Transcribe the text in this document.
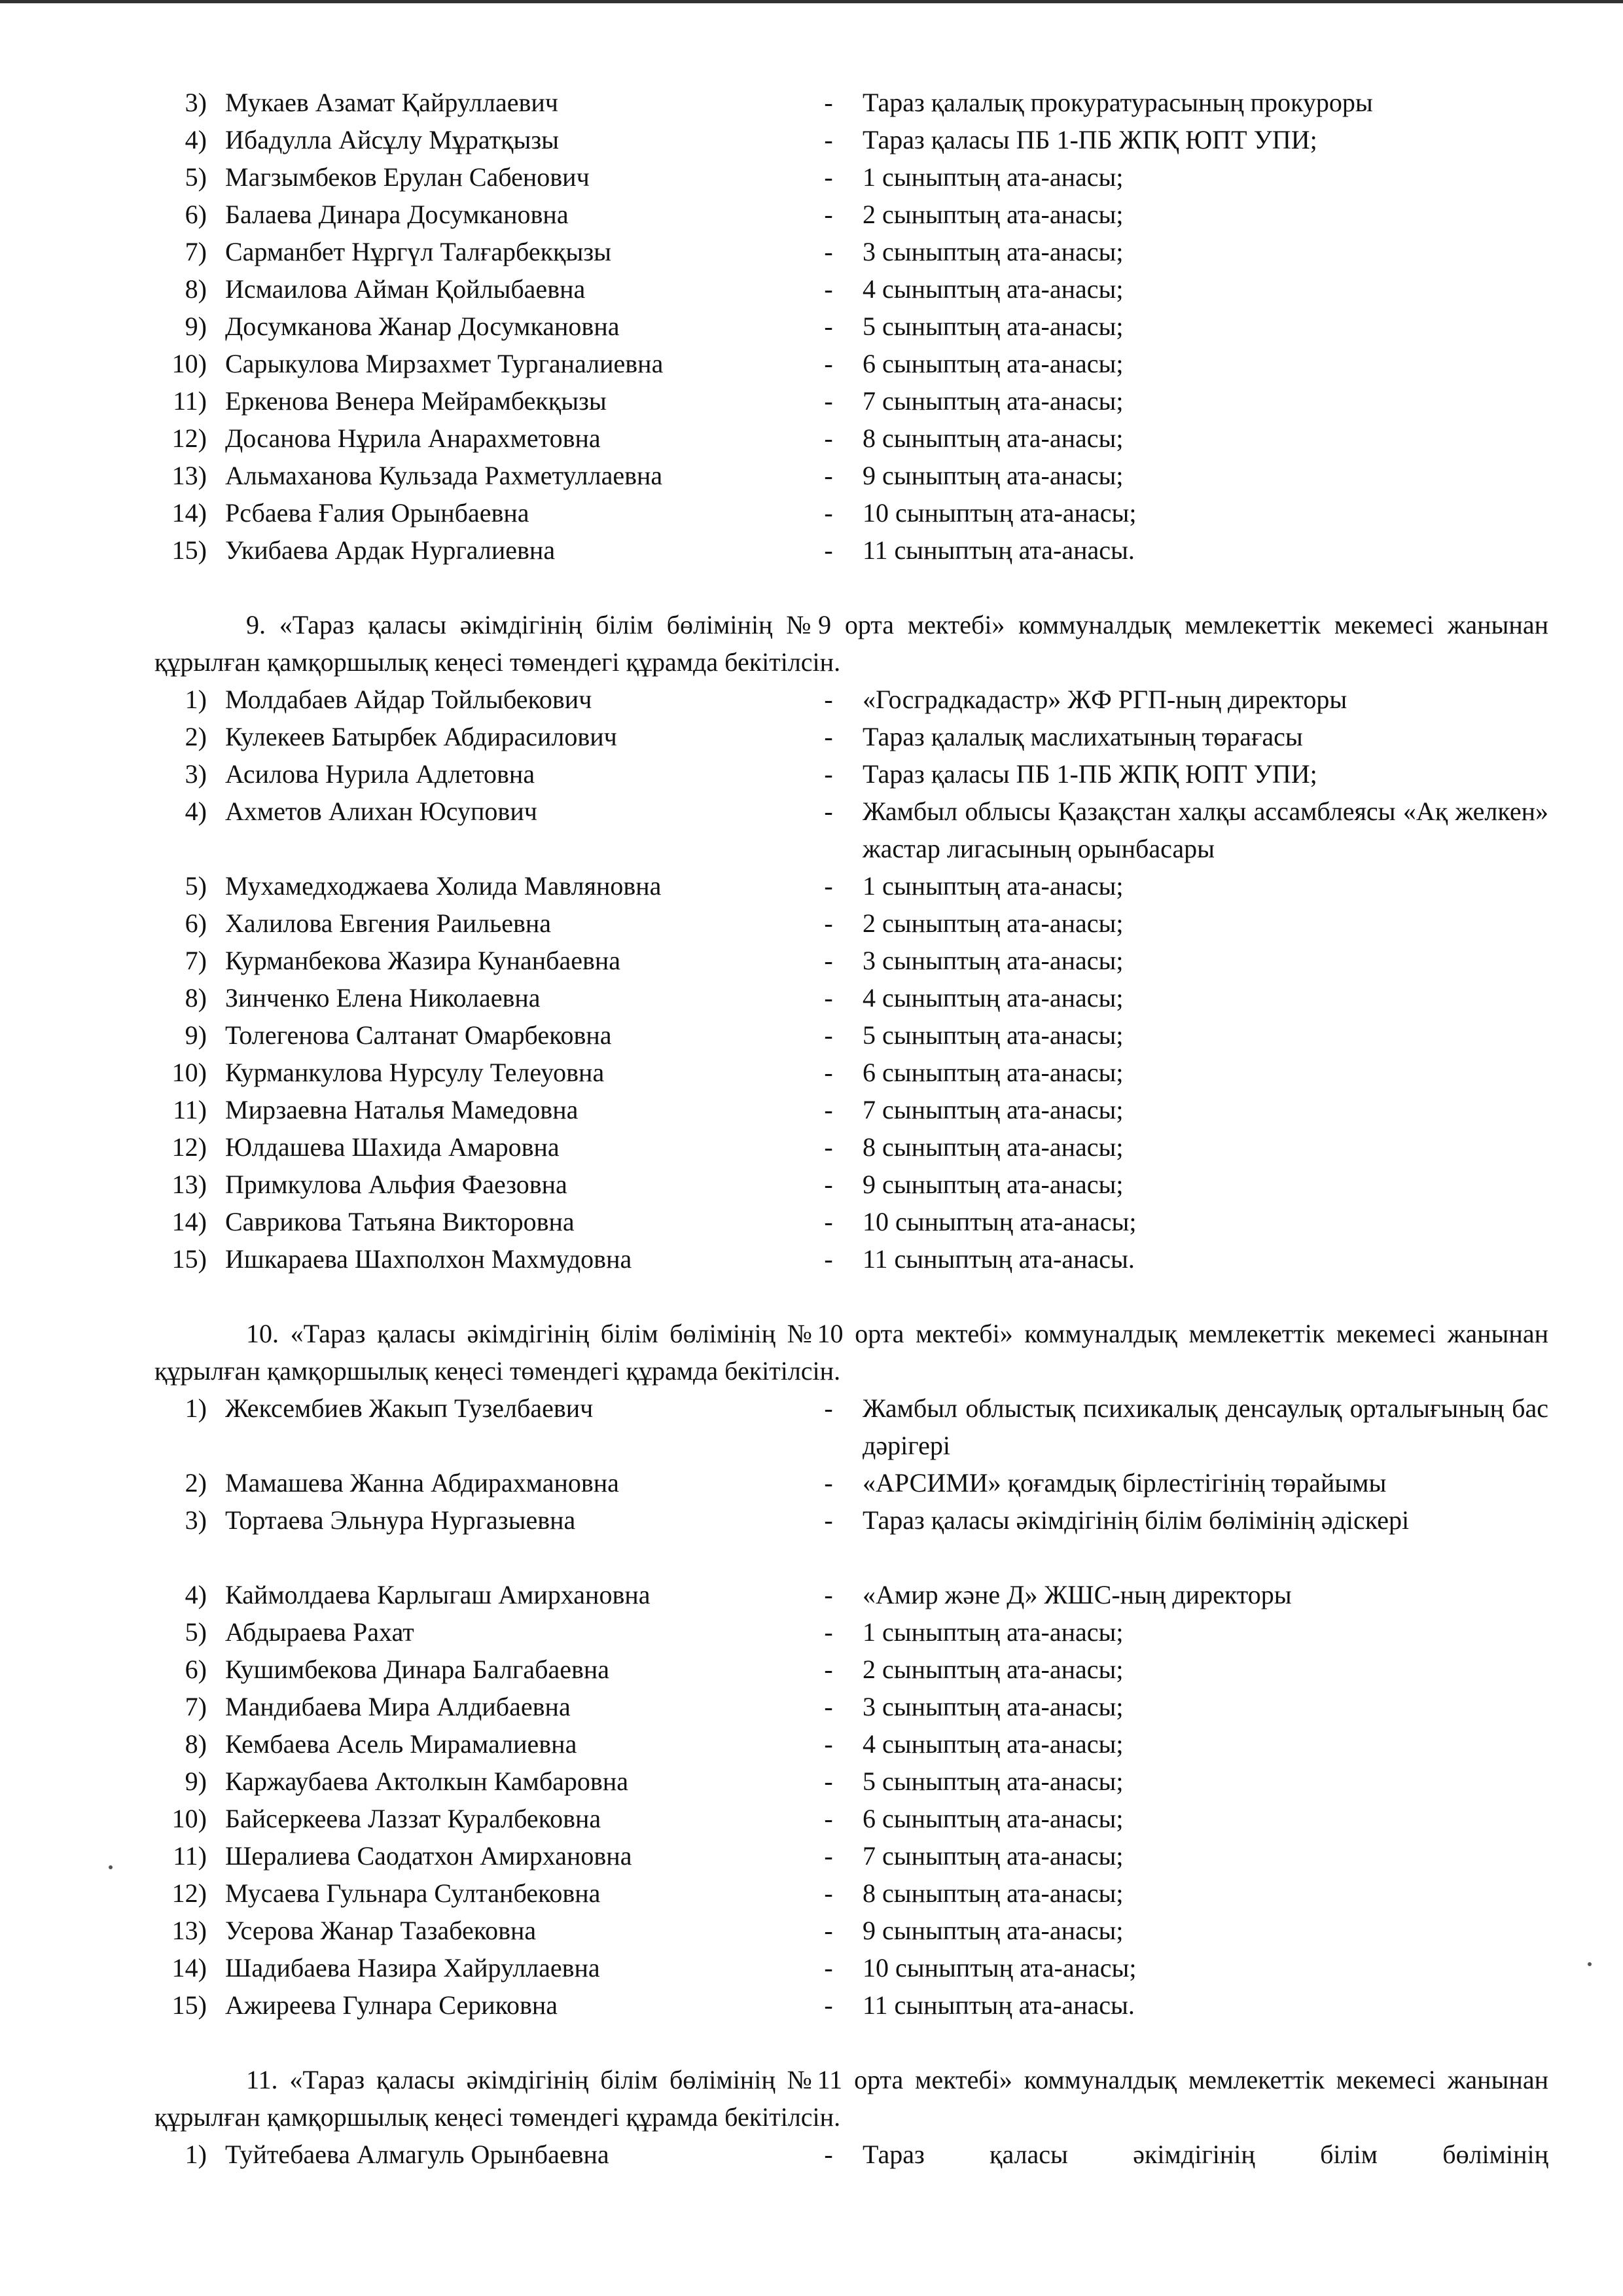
3) Мукаев Азамат Қайруллаевич	- Тараз қалалық прокуратурасының прокуроры
4) Ибадулла Айсұлу Мұратқызы	- Тараз қаласы ПБ 1-ПБ ЖПҚ ЮПТ УПИ;
5) Магзымбеков Ерулан Сабенович	- 1 сыныптың ата-анасы;
6) Балаева Динара Досумкановна	- 2 сыныптың ата-анасы;
7) Сарманбет Нұргүл Талғарбекқызы	- 3 сыныптың ата-анасы;
8) Исмаилова Айман Қойлыбаевна	- 4 сыныптың ата-анасы;
9) Досумканова Жанар Досумкановна	- 5 сыныптың ата-анасы;
10) Сарыкулова Мирзахмет Турганалиевна	- 6 сыныптың ата-анасы;
11) Еркенова Венера Мейрамбекқызы	- 7 сыныптың ата-анасы;
12) Досанова Нұрила Анарахметовна	- 8 сыныптың ата-анасы;
13) Альмаханова Кульзада Рахметуллаевна	- 9 сыныптың ата-анасы;
14) Рсбаева Ғалия Орынбаевна	- 10 сыныптың ата-анасы;
15) Укибаева Ардак Нургалиевна	- 11 сыныптың ата-анасы.
9. «Тараз қаласы әкімдігінің білім бөлімінің №9 орта мектебі» коммуналдық мемлекеттік мекемесі жанынан құрылған қамқоршылық кеңесі төмендегі құрамда бекітілсін.
1) Молдабаев Айдар Тойлыбекович	- «Госградкадастр» ЖФ РГП-ның директоры
2) Кулекеев Батырбек Абдирасилович	- Тараз қалалық маслихатының төрағасы
3) Асилова Нурила Адлетовна	- Тараз қаласы ПБ 1-ПБ ЖПҚ ЮПТ УПИ;
4) Ахметов Алихан Юсупович	- Жамбыл облысы Қазақстан халқы ассамблеясы «Ақ желкен» жастар лигасының орынбасары
5) Мухамедходжаева Холида Мавляновна	- 1 сыныптың ата-анасы;
6) Халилова Евгения Раильевна	- 2 сыныптың ата-анасы;
7) Курманбекова Жазира Кунанбаевна	- 3 сыныптың ата-анасы;
8) Зинченко Елена Николаевна	- 4 сыныптың ата-анасы;
9) Толегенова Салтанат Омарбековна	- 5 сыныптың ата-анасы;
10) Курманкулова Нурсулу Телеуовна	- 6 сыныптың ата-анасы;
11) Мирзаевна Наталья Мамедовна	- 7 сыныптың ата-анасы;
12) Юлдашева Шахида Амаровна	- 8 сыныптың ата-анасы;
13) Примкулова Альфия Фаезовна	- 9 сыныптың ата-анасы;
14) Саврикова Татьяна Викторовна	- 10 сыныптың ата-анасы;
15) Ишкараева Шахполхон Махмудовна	- 11 сыныптың ата-анасы.
10. «Тараз қаласы әкімдігінің білім бөлімінің №10 орта мектебі» коммуналдық мемлекеттік мекемесі жанынан құрылған қамқоршылық кеңесі төмендегі құрамда бекітілсін.
1) Жексембиев Жакып Тузелбаевич	- Жамбыл облыстық психикалық денсаулық орталығының бас дәрігері
2) Мамашева Жанна Абдирахмановна	- «АРСИМИ» қоғамдық бірлестігінің төрайымы
3) Тортаева Эльнура Нургазыевна	- Тараз қаласы әкімдігінің білім бөлімінің әдіскері
4) Каймолдаева Карлыгаш Амирхановна	- «Амир және Д» ЖШС-ның директоры
5) Абдыраева Рахат	- 1 сыныптың ата-анасы;
6) Кушимбекова Динара Балгабаевна	- 2 сыныптың ата-анасы;
7) Мандибаева Мира Алдибаевна	- 3 сыныптың ата-анасы;
8) Кембаева Асель Мирамалиевна	- 4 сыныптың ата-анасы;
9) Каржаубаева Актолкын Камбаровна	- 5 сыныптың ата-анасы;
10) Байсеркеева Лаззат Куралбековна	- 6 сыныптың ата-анасы;
11) Шералиева Саодатхон Амирхановна	- 7 сыныптың ата-анасы;
12) Мусаева Гульнара Султанбековна	- 8 сыныптың ата-анасы;
13) Усерова Жанар Тазабековна	- 9 сыныптың ата-анасы;
14) Шадибаева Назира Хайруллаевна	- 10 сыныптың ата-анасы;
15) Ажиреева Гулнара Сериковна	- 11 сыныптың ата-анасы.
11. «Тараз қаласы әкімдігінің білім бөлімінің №11 орта мектебі» коммуналдық мемлекеттік мекемесі жанынан құрылған қамқоршылық кеңесі төмендегі құрамда бекітілсін.
1) Туйтебаева Алмагуль Орынбаевна	- Тараз қаласы әкімдігінің білім бөлімінің
